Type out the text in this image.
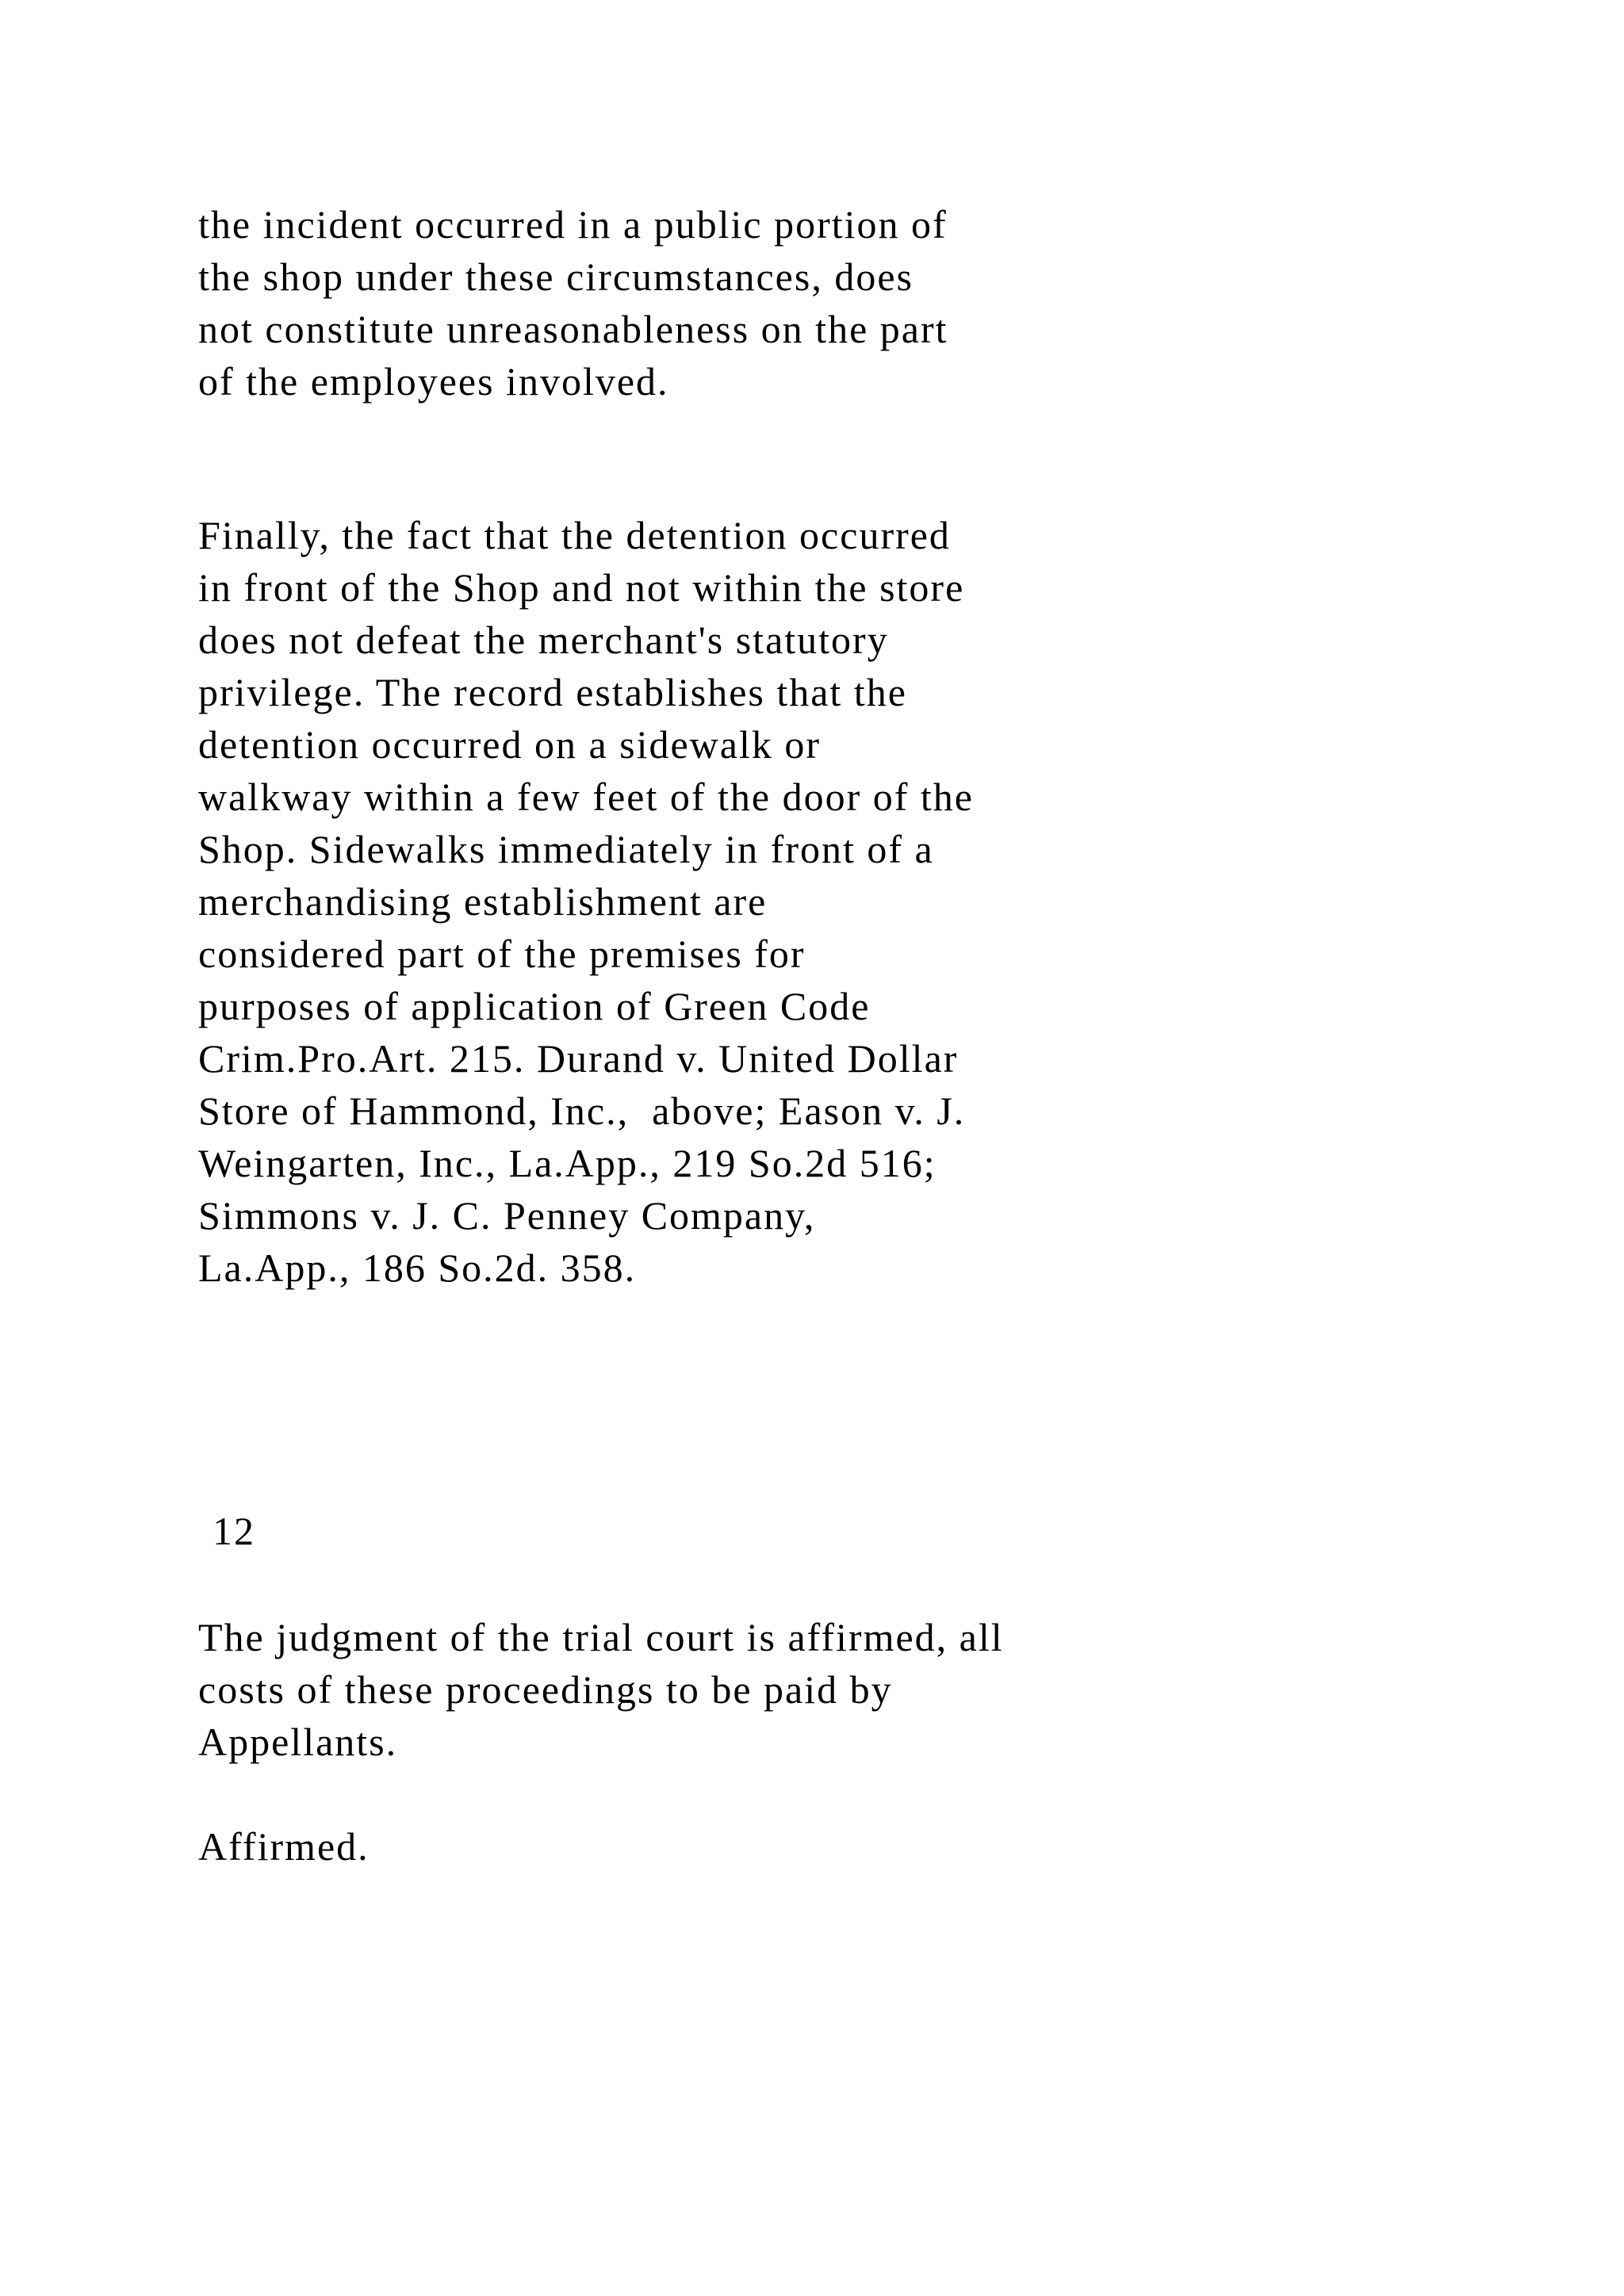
the incident occurred in a public portion of
the shop under these circumstances, does
not constitute unreasonableness on the part
of the employees involved.

Finally, the fact that the detention occurred
in front of the Shop and not within the store
does not defeat the merchant's statutory
privilege. The record establishes that the
detention occurred on a sidewalk or
walkway within a few feet of the door of the
Shop. Sidewalks immediately in front of a
merchandising establishment are
considered part of the premises for
purposes of application of Green Code
Crim.Pro.Art. 215. Durand v. United Dollar
Store of Hammond, Inc.,  above; Eason v. J.
Weingarten, Inc., La.App., 219 So.2d 516;
Simmons v. J. C. Penney Company,
La.App., 186 So.2d. 358.

12

The judgment of the trial court is affirmed, all
costs of these proceedings to be paid by
Appellants.

Affirmed.
